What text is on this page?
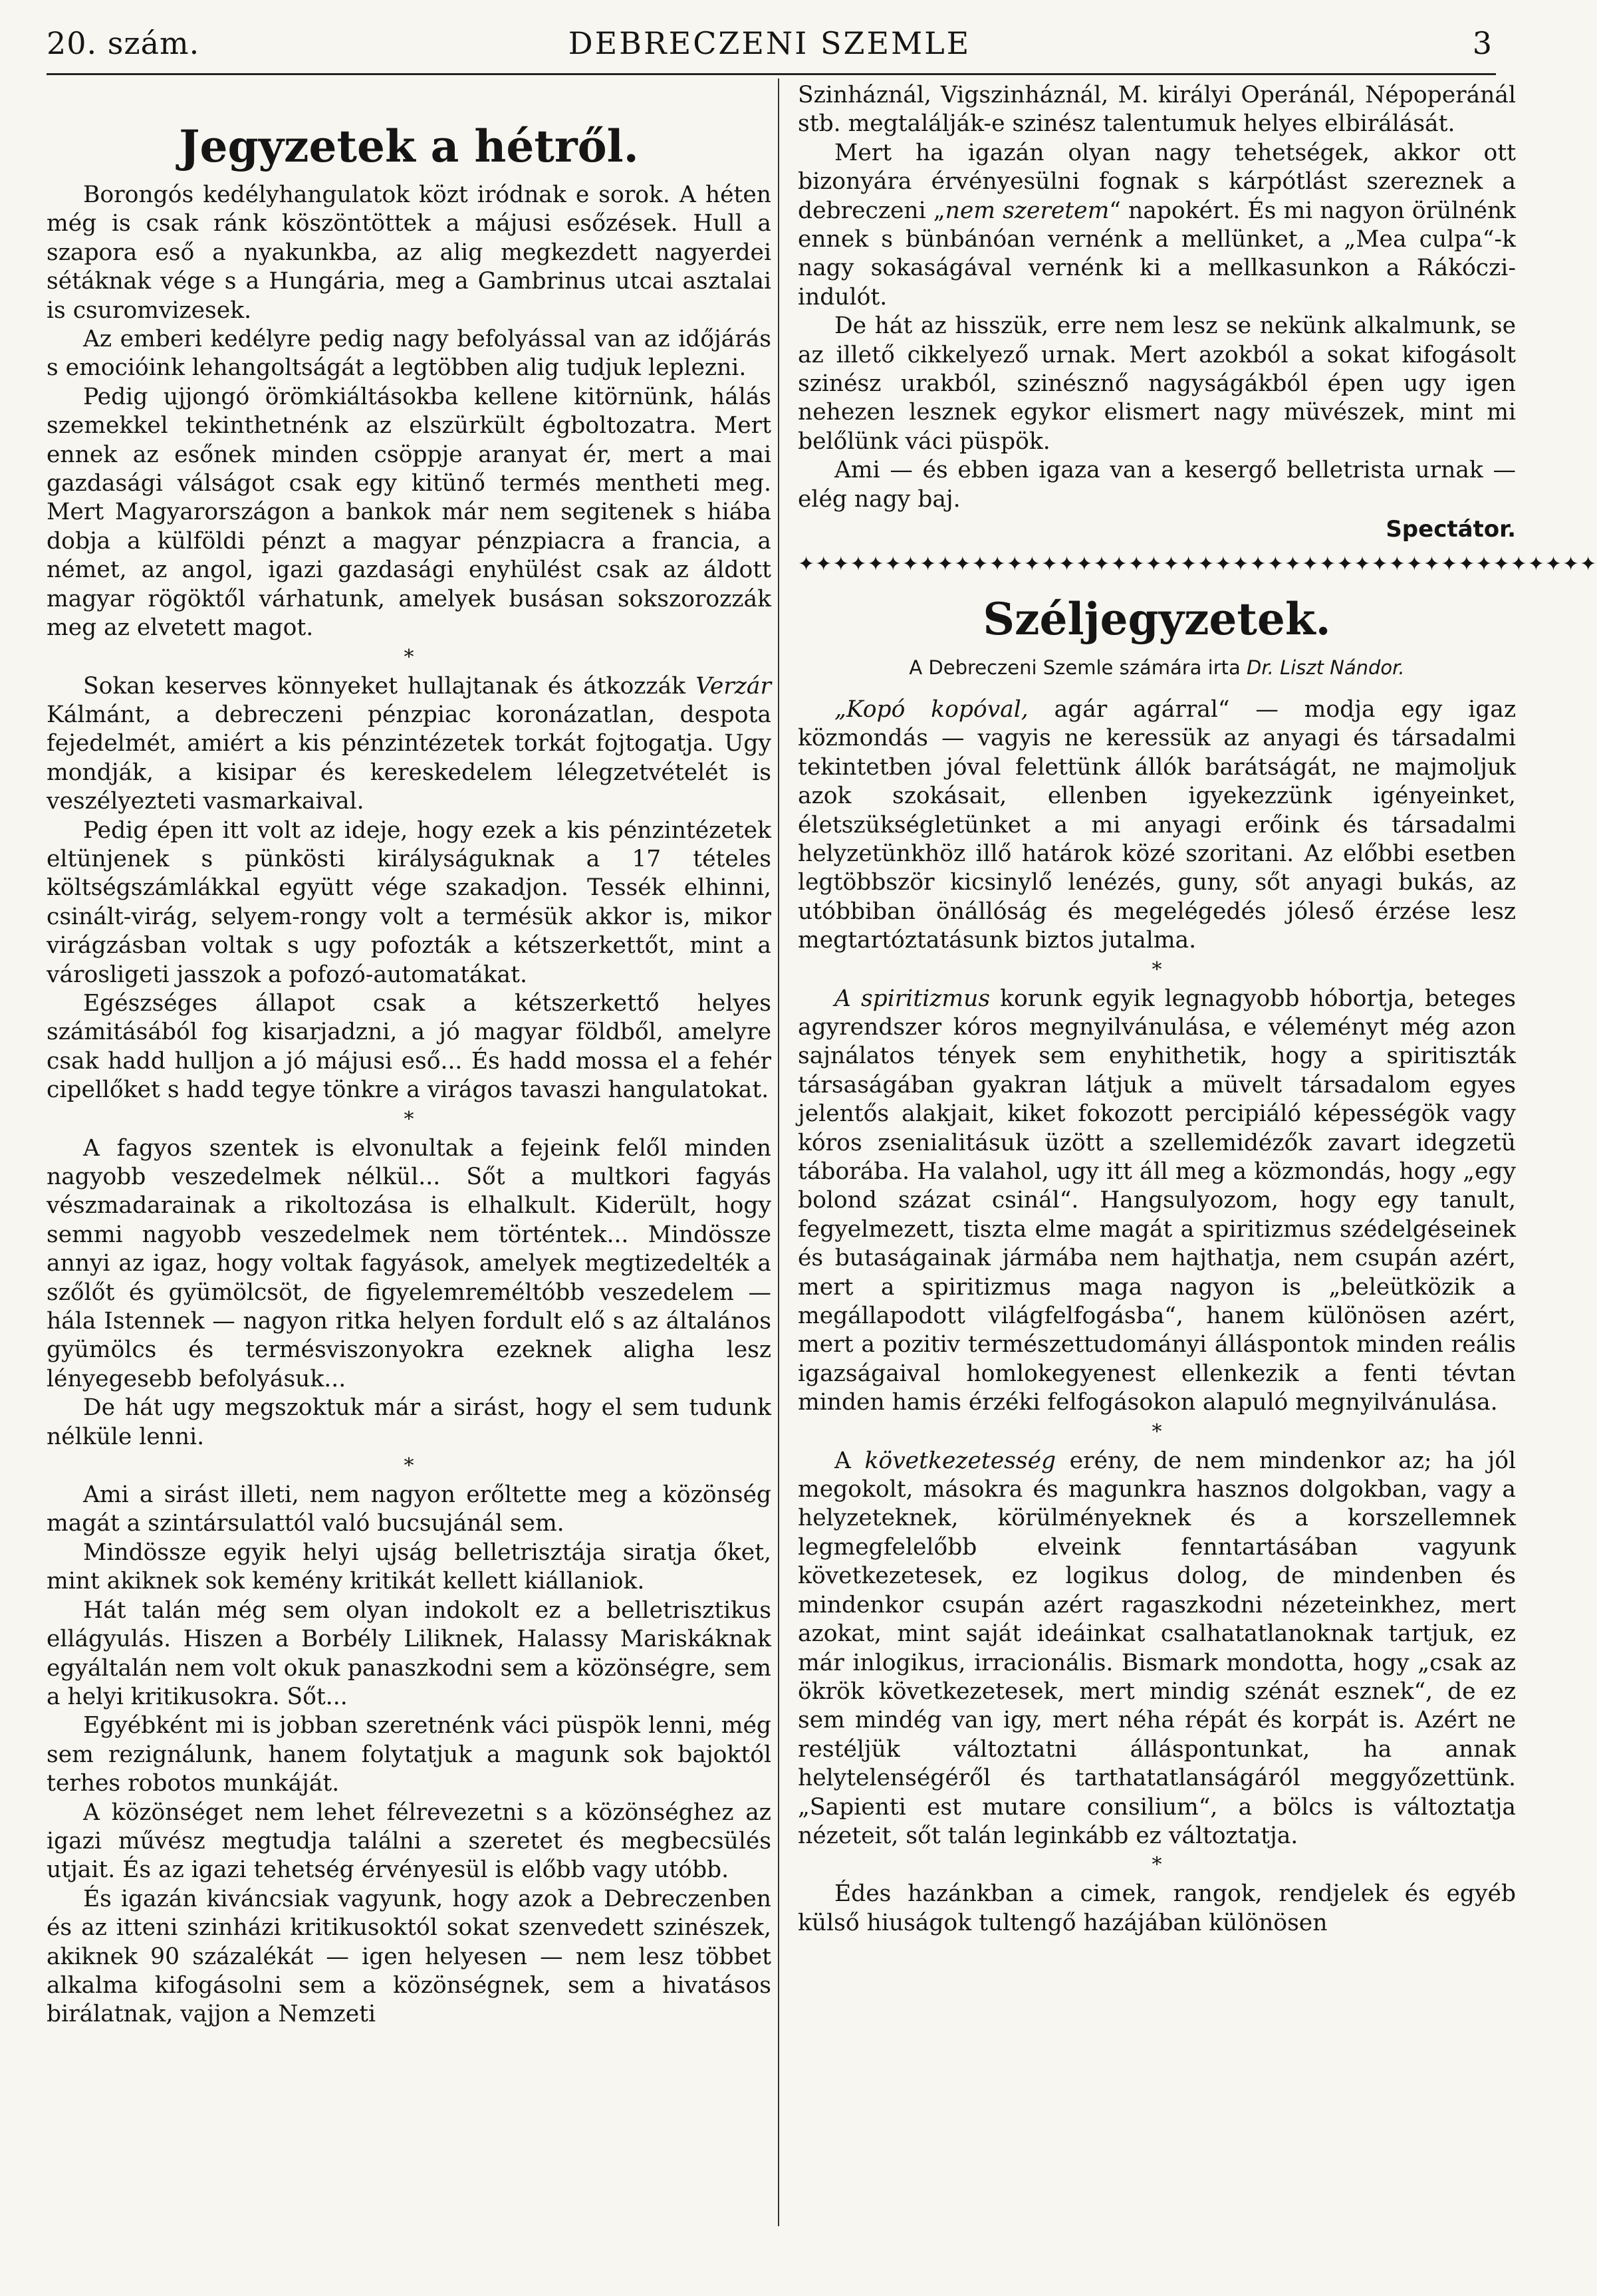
20. szám.	DEBRECZENI SZEMLE	3
Jegyzetek a hétről.

Borongós kedélyhangulatok közt iródnak e sorok. A héten még is csak ránk köszöntöttek a májusi esőzések. Hull a szapora eső a nyakunkba, az alig megkezdett nagyerdei sétáknak vége s a Hungária, meg a Gambrinus utcai asztalai is csuromvizesek.

Az emberi kedélyre pedig nagy befolyással van az időjárás s emocióink lehangoltságát a legtöbben alig tudjuk leplezni.

Pedig ujjongó örömkiáltásokba kellene kitörnünk, hálás szemekkel tekinthetnénk az elszürkült égboltozatra. Mert ennek az esőnek minden csöppje aranyat ér, mert a mai gazdasági válságot csak egy kitünő termés mentheti meg. Mert Magyarországon a bankok már nem segitenek s hiába dobja a külföldi pénzt a magyar pénzpiacra a francia, a német, az angol, igazi gazdasági enyhülést csak az áldott magyar rögöktől várhatunk, amelyek busásan sokszorozzák meg az elvetett magot.

*

Sokan keserves könnyeket hullajtanak és átkozzák Verzár Kálmánt, a debreczeni pénzpiac koronázatlan, despota fejedelmét, amiért a kis pénzintézetek torkát fojtogatja. Ugy mondják, a kisipar és kereskedelem lélegzetvételét is veszélyezteti vasmarkaival.

Pedig épen itt volt az ideje, hogy ezek a kis pénzintézetek eltünjenek s pünkösti királyságuknak a 17 tételes költségszámlákkal együtt vége szakadjon. Tessék elhinni, csinált-virág, selyem-rongy volt a termésük akkor is, mikor virágzásban voltak s ugy pofozták a kétszerkettőt, mint a városligeti jasszok a pofozó-automatákat.

Egészséges állapot csak a kétszerkettő helyes számitásából fog kisarjadzni, a jó magyar földből, amelyre csak hadd hulljon a jó májusi eső... És hadd mossa el a fehér cipellőket s hadd tegye tönkre a virágos tavaszi hangulatokat.

*

A fagyos szentek is elvonultak a fejeink felől minden nagyobb veszedelmek nélkül... Sőt a multkori fagyás vészmadarainak a rikoltozása is elhalkult. Kiderült, hogy semmi nagyobb veszedelmek nem történtek... Mindössze annyi az igaz, hogy voltak fagyások, amelyek megtizedelték a szőlőt és gyümölcsöt, de figyelemreméltóbb veszedelem — hála Istennek — nagyon ritka helyen fordult elő s az általános gyümölcs és termésviszonyokra ezeknek aligha lesz lényegesebb befolyásuk...

De hát ugy megszoktuk már a sirást, hogy el sem tudunk nélküle lenni.

*

Ami a sirást illeti, nem nagyon erőltette meg a közönség magát a szintársulattól való bucsujánál sem.

Mindössze egyik helyi ujság belletrisztája siratja őket, mint akiknek sok kemény kritikát kellett kiállaniok.

Hát talán még sem olyan indokolt ez a belletrisztikus ellágyulás. Hiszen a Borbély Liliknek, Halassy Mariskáknak egyáltalán nem volt okuk panaszkodni sem a közönségre, sem a helyi kritikusokra. Sőt...

Egyébként mi is jobban szeretnénk váci püspök lenni, még sem rezignálunk, hanem folytatjuk a magunk sok bajoktól terhes robotos munkáját.

A közönséget nem lehet félrevezetni s a közönséghez az igazi művész megtudja találni a szeretet és megbecsülés utjait. És az igazi tehetség érvényesül is előbb vagy utóbb.

És igazán kiváncsiak vagyunk, hogy azok a Debreczenben és az itteni szinházi kritikusoktól sokat szenvedett szinészek, akiknek 90 százalékát — igen helyesen — nem lesz többet alkalma kifogásolni sem a közönségnek, sem a hivatásos birálatnak, vajjon a Nemzeti

Szinháznál, Vigszinháznál, M. királyi Operánál, Népoperánál stb. megtalálják-e szinész talentumuk helyes elbirálását.

Mert ha igazán olyan nagy tehetségek, akkor ott bizonyára érvényesülni fognak s kárpótlást szereznek a debreczeni „nem szeretem“ napokért. És mi nagyon örülnénk ennek s bünbánóan vernénk a mellünket, a „Mea culpa“-k nagy sokaságával vernénk ki a mellkasunkon a Rákóczi-indulót.

De hát az hisszük, erre nem lesz se nekünk alkalmunk, se az illető cikkelyező urnak. Mert azokból a sokat kifogásolt szinész urakból, szinésznő nagyságákból épen ugy igen nehezen lesznek egykor elismert nagy müvészek, mint mi belőlünk váci püspök.

Ami — és ebben igaza van a kesergő belletrista urnak — elég nagy baj.

Spectátor.
✦✦✦✦✦✦✦✦✦✦✦✦✦✦✦✦✦✦✦✦✦✦✦✦✦✦✦✦✦✦✦✦✦✦✦✦✦✦✦✦✦✦✦✦✦✦
Széljegyzetek.
A Debreczeni Szemle számára irta Dr. Liszt Nándor.

„Kopó kopóval, agár agárral“ — modja egy igaz közmondás — vagyis ne keressük az anyagi és társadalmi tekintetben jóval felettünk állók barátságát, ne majmoljuk azok szokásait, ellenben igyekezzünk igényeinket, életszükségletünket a mi anyagi erőink és társadalmi helyzetünkhöz illő határok közé szoritani. Az előbbi esetben legtöbbször kicsinylő lenézés, guny, sőt anyagi bukás, az utóbbiban önállóság és megelégedés jóleső érzése lesz megtartóztatásunk biztos jutalma.

*

A spiritizmus korunk egyik legnagyobb hóbortja, beteges agyrendszer kóros megnyilvánulása, e véleményt még azon sajnálatos tények sem enyhithetik, hogy a spiritiszták társaságában gyakran látjuk a müvelt társadalom egyes jelentős alakjait, kiket fokozott percipiáló képességök vagy kóros zsenialitásuk üzött a szellemidézők zavart idegzetü táborába. Ha valahol, ugy itt áll meg a közmondás, hogy „egy bolond százat csinál“. Hangsulyozom, hogy egy tanult, fegyelmezett, tiszta elme magát a spiritizmus szédelgéseinek és butaságainak jármába nem hajthatja, nem csupán azért, mert a spiritizmus maga nagyon is „beleütközik a megállapodott világfelfogásba“, hanem különösen azért, mert a pozitiv természettudományi álláspontok minden reális igazságaival homlokegyenest ellenkezik a fenti tévtan minden hamis érzéki felfogásokon alapuló megnyilvánulása.

*

A következetesség erény, de nem mindenkor az; ha jól megokolt, másokra és magunkra hasznos dolgokban, vagy a helyzeteknek, körülményeknek és a korszellemnek legmegfelelőbb elveink fenntartásában vagyunk következetesek, ez logikus dolog, de mindenben és mindenkor csupán azért ragaszkodni nézeteinkhez, mert azokat, mint saját ideáinkat csalhatatlanoknak tartjuk, ez már inlogikus, irracionális. Bismark mondotta, hogy „csak az ökrök következetesek, mert mindig szénát esznek“, de ez sem mindég van igy, mert néha répát és korpát is. Azért ne restéljük változtatni álláspontunkat, ha annak helytelenségéről és tarthatatlanságáról meggyőzettünk. „Sapienti est mutare consilium“, a bölcs is változtatja nézeteit, sőt talán leginkább ez változtatja.

*

Édes hazánkban a cimek, rangok, rendjelek és egyéb külső hiuságok tultengő hazájában különösen
